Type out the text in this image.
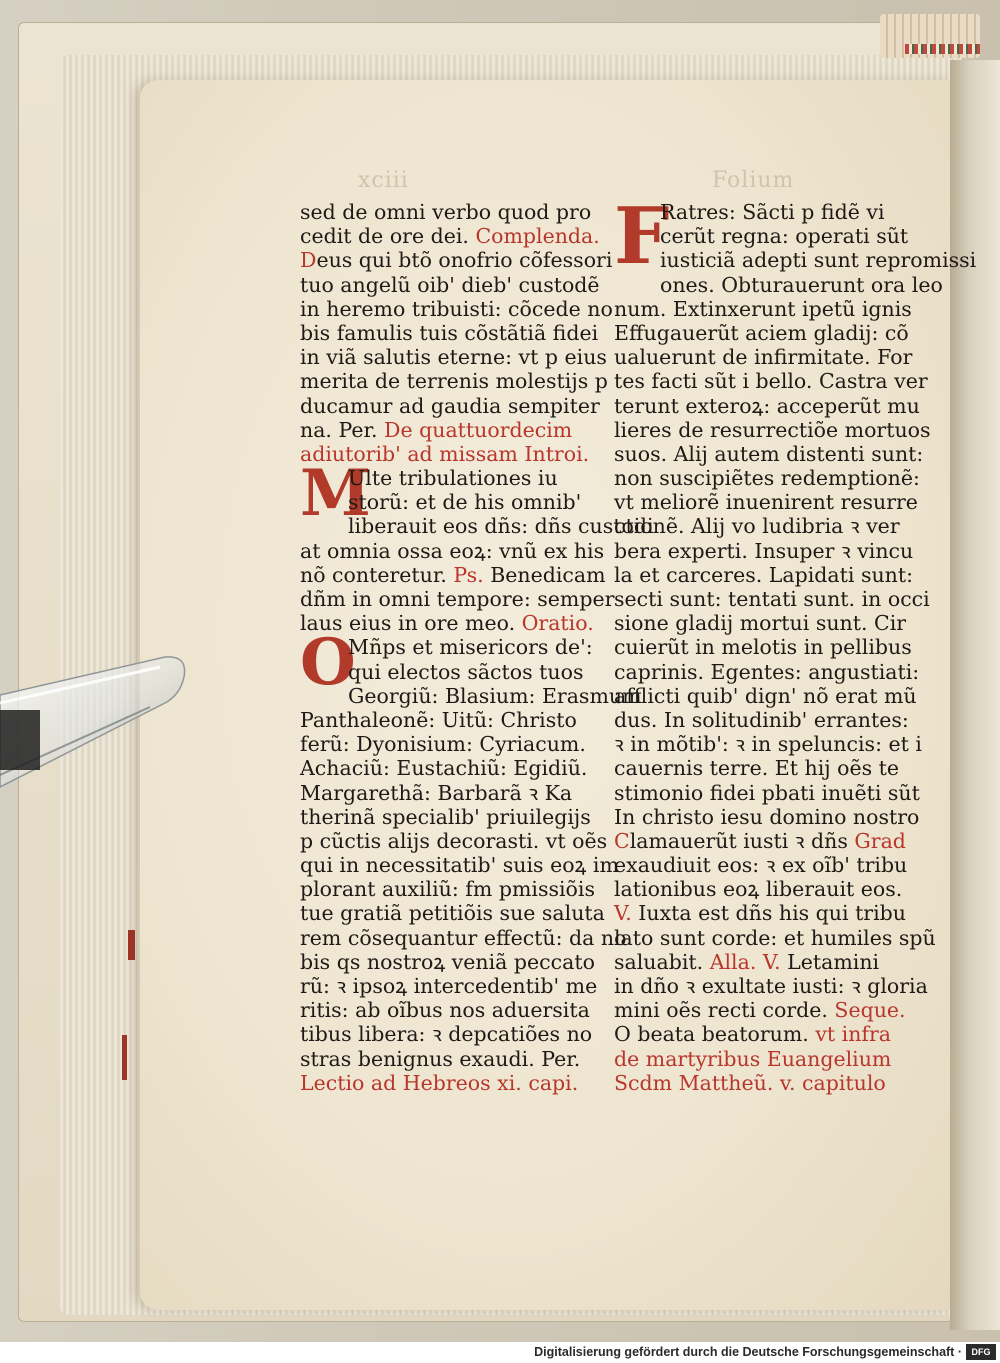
xciii	Folium
sed de omni verbo quod pro
cedit de ore dei. Complenda.
Deus qui btõ onofrio cõfessori
tuo angelũ oib' dieb' custodẽ
in heremo tribuisti: cõcede no
bis famulis tuis cõstãtiã fidei
in viã salutis eterne: vt p eius
merita de terrenis molestijs p
ducamur ad gaudia sempiter
na. Per. De quattuordecim
adiutorib' ad missam Introi.
M
Ulte tribulationes iu
storũ: et de his omnib'
liberauit eos dñs: dñs custodi
at omnia ossa eoꝝ: vnũ ex his
nõ conteretur. Ps. Benedicam
dñm in omni tempore: semper
laus eius in ore meo. Oratio.
O
Mñps et misericors de':
qui electos sãctos tuos
Georgiũ: Blasium: Erasmum
Panthaleonẽ: Uitũ: Christo
ferũ: Dyonisium: Cyriacum.
Achaciũ: Eustachiũ: Egidiũ.
Margarethã: Barbarã ꝛ Ka
therinã specialib' priuilegijs
p cũctis alijs decorasti. vt oẽs
qui in necessitatib' suis eoꝝ im
plorant auxiliũ: fm pmissiõis
tue gratiã petitiõis sue saluta
rem cõsequantur effectũ: da no
bis qs nostroꝝ veniã peccato
rũ: ꝛ ipsoꝝ intercedentib' me
ritis: ab oĩbus nos aduersita
tibus libera: ꝛ depcatiões no
stras benignus exaudi. Per.
Lectio ad Hebreos xi. capi.
F
Ratres: Sãcti p fidẽ vi
cerũt regna: operati sũt
iusticiã adepti sunt repromissi
ones. Obturauerunt ora leo
num. Extinxerunt ipetũ ignis
Effugauerũt aciem gladij: cõ
ualuerunt de infirmitate. For
tes facti sũt i bello. Castra ver
terunt exteroꝝ: acceperũt mu
lieres de resurrectiõe mortuos
suos. Alij autem distenti sunt:
non suscipiẽtes redemptionẽ:
vt meliorẽ inuenirent resurre
ctionẽ. Alij vo ludibria ꝛ ver
bera experti. Insuper ꝛ vincu
la et carceres. Lapidati sunt:
secti sunt: tentati sunt. in occi
sione gladij mortui sunt. Cir
cuierũt in melotis in pellibus
caprinis. Egentes: angustiati:
afflicti quib' dign' nõ erat mũ
dus. In solitudinib' errantes:
ꝛ in mõtib': ꝛ in speluncis: et i
cauernis terre. Et hij oẽs te
stimonio fidei pbati inuẽti sũt
In christo iesu domino nostro
Clamauerũt iusti ꝛ dñs Grad
exaudiuit eos: ꝛ ex oĩb' tribu
lationibus eoꝝ liberauit eos.
V. Iuxta est dñs his qui tribu
lato sunt corde: et humiles spũ
saluabit. Alla. V. Letamini
in dño ꝛ exultate iusti: ꝛ gloria
mini oẽs recti corde. Seque.
O beata beatorum. vt infra
de martyribus Euangelium
Scdm Mattheũ. v. capitulo
Digitalisierung gefördert durch die Deutsche Forschungsgemeinschaft ·	DFG
